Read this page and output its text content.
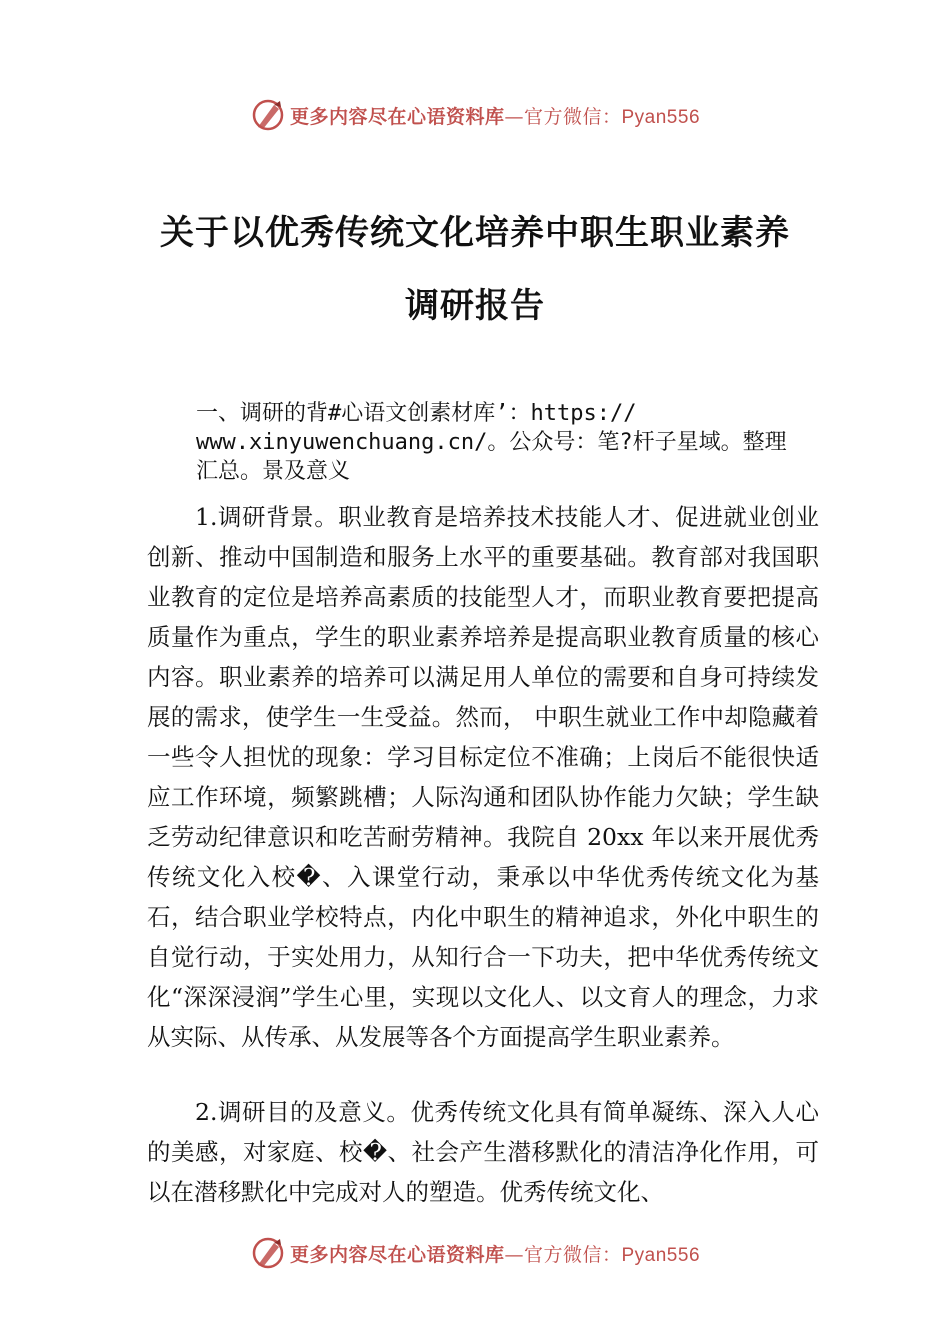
更多内容尽在心语资料库—官方微信：Pyan556
关于以优秀传统文化培养中职生职业素养
调研报告
一、调研的背#心语文创素材库’：https://
www.xinyuwenchuang.cn/。公众号：笔?杆子星域。整理
汇总。景及意义

1.调研背景。职业教育是培养技术技能人才、促进就业创业创新、推动中国制造和服务上水平的重要基础。教育部对我国职业教育的定位是培养高素质的技能型人才，而职业教育要把提高质量作为重点，学生的职业素养培养是提高职业教育质量的核心内容。职业素养的培养可以满足用人单位的需要和自身可持续发展的需求，使学生一生受益。然而， 中职生就业工作中却隐藏着一些令人担忧的现象：学习目标定位不准确；上岗后不能很快适应工作环境，频繁跳槽；人际沟通和团队协作能力欠缺；学生缺乏劳动纪律意识和吃苦耐劳精神。我院自 20xx 年以来开展优秀传统文化入校�、入课堂行动，秉承以中华优秀传统文化为基石，结合职业学校特点，内化中职生的精神追求，外化中职生的自觉行动，于实处用力，从知行合一下功夫，把中华优秀传统文化“深深浸润”学生心里，实现以文化人、以文育人的理念，力求从实际、从传承、从发展等各个方面提高学生职业素养。

2.调研目的及意义。优秀传统文化具有简单凝练、深入人心的美感，对家庭、校�、社会产生潜移默化的清洁净化作用，可以在潜移默化中完成对人的塑造。优秀传统文化、

更多内容尽在心语资料库—官方微信：Pyan556
